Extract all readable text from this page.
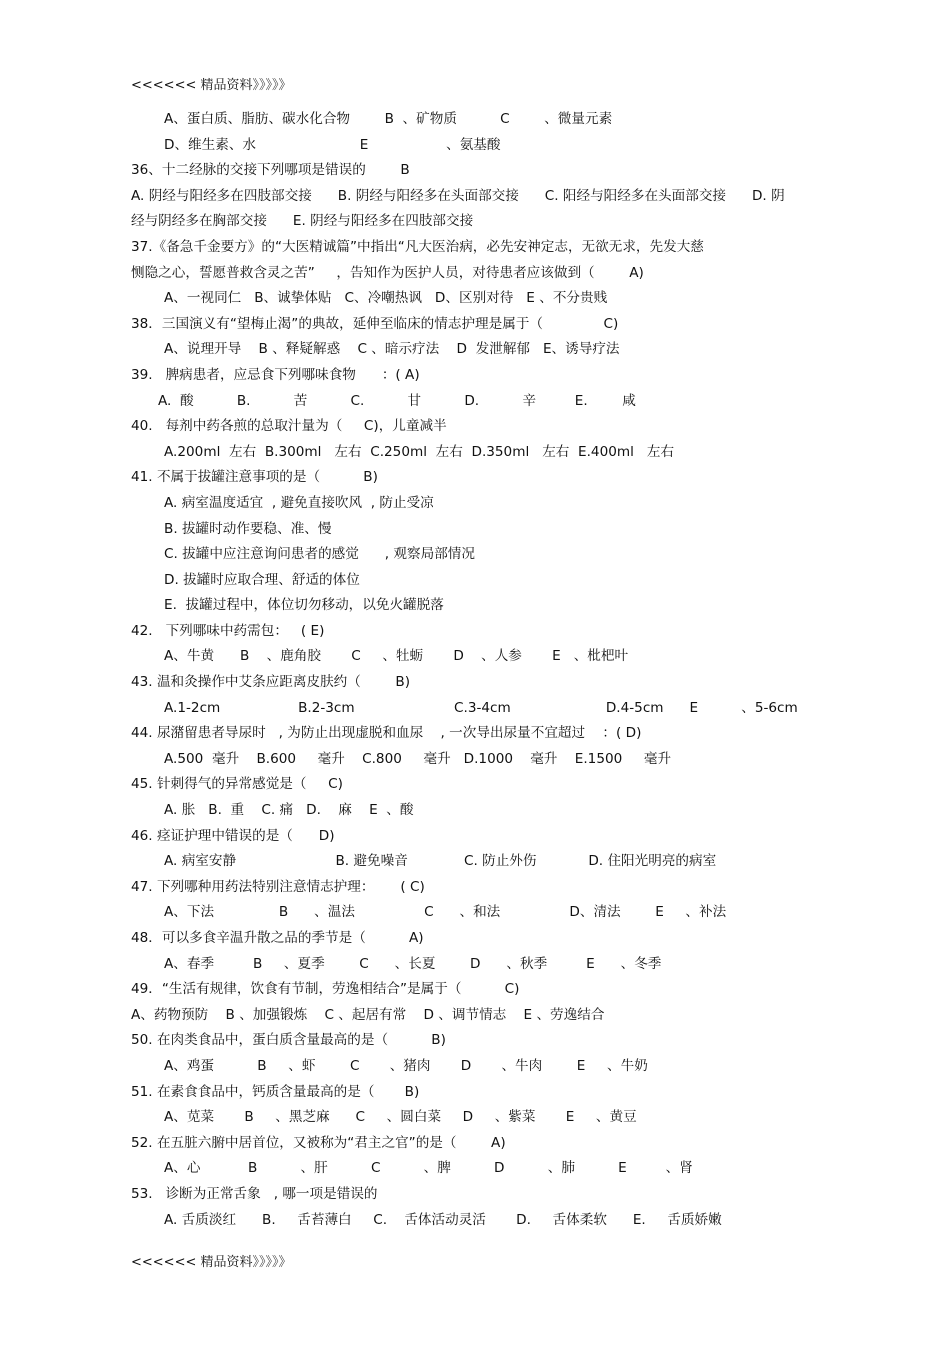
<<<<<< 精品资料》》》》》
A、蛋白质、脂肪、碳水化合物        B  、矿物质          C        、微量元素
D、维生素、水                        E                  、氨基酸
36、十二经脉的交接下列哪项是错误的        B
A. 阴经与阳经多在四肢部交接      B. 阴经与阳经多在头面部交接      C. 阳经与阳经多在头面部交接      D. 阴
经与阴经多在胸部交接      E. 阴经与阳经多在四肢部交接
37.《备急千金要方》的“大医精诚篇”中指出“凡大医治病，必先安神定志，无欲无求，先发大慈
恻隐之心，誓愿普救含灵之苦”     ，告知作为医护人员，对待患者应该做到（        A)
A、一视同仁   B、诚挚体贴   C、冷嘲热讽   D、区别对待   E 、不分贵贱
38．三国演义有“望梅止渴”的典故，延伸至临床的情志护理是属于（              C)
A、说理开导    B 、释疑解惑    C 、暗示疗法    D  发泄解郁   E、诱导疗法
39.   脾病患者，应忌食下列哪味食物      ：( A)
A.  酸          B.          苦          C.          甘          D.          辛         E.        咸
40.   每剂中药各煎的总取汁量为（     C)，儿童减半
A.200ml  左右  B.300ml   左右  C.250ml  左右  D.350ml   左右  E.400ml   左右
41. 不属于拔罐注意事项的是（          B)
A. 病室温度适宜  , 避免直接吹风  , 防止受凉
B. 拔罐时动作要稳、准、慢
C. 拔罐中应注意询问患者的感觉      , 观察局部情况
D. 拔罐时应取合理、舒适的体位
E.  拔罐过程中，体位切勿移动，以免火罐脱落
42.   下列哪味中药需包：   ( E)
A、牛黄      B    、鹿角胶       C     、牡蛎       D    、人参       E   、枇杷叶
43. 温和灸操作中艾条应距离皮肤约（        B)
A.1-2cm                  B.2-3cm                       C.3-4cm                      D.4-5cm      E          、5-6cm
44. 尿潴留患者导尿时   , 为防止出现虚脱和血尿    , 一次导出尿量不宜超过    ：( D)
A.500  毫升    B.600     毫升    C.800     毫升   D.1000    毫升    E.1500     毫升
45. 针刺得气的异常感觉是（     C)
A. 胀   B.  重    C. 痛   D.    麻    E  、酸
46. 痉证护理中错误的是（      D)
A. 病室安静                       B. 避免噪音             C. 防止外伤            D. 住阳光明亮的病室
47. 下列哪种用药法特别注意情志护理：      ( C)
A、下法               B      、温法                C      、和法                D、清法        E     、补法
48．可以多食辛温升散之品的季节是（          A)
A、春季         B     、夏季        C      、长夏        D      、秋季         E      、冬季
49．“生活有规律，饮食有节制，劳逸相结合”是属于（          C)
A、药物预防    B 、加强锻炼    C 、起居有常    D 、调节情志    E 、劳逸结合
50. 在肉类食品中，蛋白质含量最高的是（          B)
A、鸡蛋          B     、虾        C       、猪肉       D       、牛肉        E     、牛奶
51. 在素食食品中，钙质含量最高的是（       B)
A、苋菜       B     、黑芝麻      C     、圆白菜     D     、紫菜       E     、黄豆
52. 在五脏六腑中居首位，又被称为“君主之官”的是（        A)
A、心           B          、肝          C          、脾          D          、肺          E         、肾
53.   诊断为正常舌象   , 哪一项是错误的
A. 舌质淡红      B.     舌苔薄白     C.    舌体活动灵活       D.     舌体柔软      E.     舌质娇嫩
<<<<<< 精品资料》》》》》
